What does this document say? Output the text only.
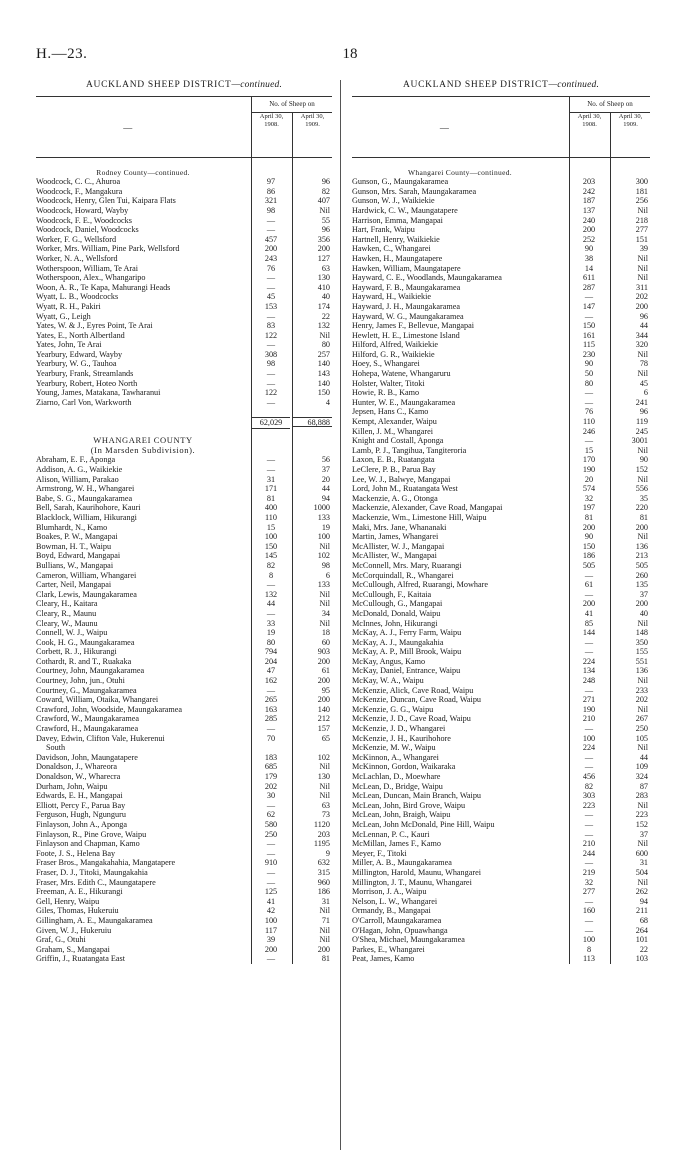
H.—23.	18
AUCKLAND SHEEP DISTRICT—continued.
—
No. of Sheep on
April 30, 1908.
April 30, 1909.
Rodney County—continued.
Woodcock, C. C., Ahuroa	97	96
Woodcock, F., Mangakura	86	82
Woodcock, Henry, Glen Tui, Kaipara Flats	321	407
Woodcock, Howard, Wayby	98	Nil
Woodcock, F. E., Woodcocks	—	55
Woodcock, Daniel, Woodcocks	—	96
Worker, F. G., Wellsford	457	356
Worker, Mrs. William, Pine Park, Wellsford	200	200
Worker, N. A., Wellsford	243	127
Wotherspoon, William, Te Arai	76	63
Wotherspoon, Alex., Whangaripo	—	130
Woon, A. R., Te Kapa, Mahurangi Heads	—	410
Wyatt, L. B., Woodcocks	45	40
Wyatt, R. H., Pakiri	153	174
Wyatt, G., Leigh	—	22
Yates, W. & J., Eyres Point, Te Arai	83	132
Yates, E., North Albertland	122	Nil
Yates, John, Te Arai	—	80
Yearbury, Edward, Wayby	308	257
Yearbury, W. G., Tauhoa	98	140
Yearbury, Frank, Streamlands	—	143
Yearbury, Robert, Hoteo North	—	140
Young, James, Matakana, Tawharanui	122	150
Ziarno, Carl Von, Warkworth	—	4
62,029	68,888
WHANGAREI COUNTY
(In Marsden Subdivision).
Abraham, E. F., Aponga	—	56
Addison, A. G., Waikiekie	—	37
Alison, William, Parakao	31	20
Armstrong, W. H., Whangarei	171	44
Babe, S. G., Maungakaramea	81	94
Bell, Sarah, Kaurihohore, Kauri	400	1000
Blacklock, William, Hikurangi	110	133
Blumhardt, N., Kamo	15	19
Boakes, P. W., Mangapai	100	100
Bowman, H. T., Waipu	150	Nil
Boyd, Edward, Mangapai	145	102
Bullians, W., Mangapai	82	98
Cameron, William, Whangarei	8	6
Carter, Neil, Mangapai	—	133
Clark, Lewis, Maungakaramea	132	Nil
Cleary, H., Kaitara	44	Nil
Cleary, R., Maunu	—	34
Cleary, W., Maunu	33	Nil
Connell, W. J., Waipu	19	18
Cook, H. G., Maungakaramea	80	60
Corbett, R. J., Hikurangi	794	903
Cothardt, R. and T., Ruakaka	204	200
Courtney, John, Maungakaramea	47	61
Courtney, John, jun., Otuhi	162	200
Courtney, G., Maungakaramea	—	95
Coward, William, Otaika, Whangarei	265	200
Crawford, John, Woodside, Maungakaramea	163	140
Crawford, W., Maungakaramea	285	212
Crawford, H., Maungakaramea	—	157
Davey, Edwin, Clifton Vale, Hukerenui	70	65
South
Davidson, John, Maungatapere	183	102
Donaldson, J., Whareora	685	Nil
Donaldson, W., Wharecra	179	130
Durham, John, Waipu	202	Nil
Edwards, E. H., Mangapai	30	Nil
Elliott, Percy F., Parua Bay	—	63
Ferguson, Hugh, Ngunguru	62	73
Finlayson, John A., Aponga	580	1120
Finlayson, R., Pine Grove, Waipu	250	203
Finlayson and Chapman, Kamo	—	1195
Foote, J. S., Helena Bay	—	9
Fraser Bros., Mangakahahia, Mangatapere	910	632
Fraser, D. J., Titoki, Maungakahia	—	315
Fraser, Mrs. Edith C., Maungatapere	—	960
Freeman, A. E., Hikurangi	125	186
Gell, Henry, Waipu	41	31
Giles, Thomas, Hukeruiu	42	Nil
Gillingham, A. E., Maungakaramea	100	71
Given, W. J., Hukeruiu	117	Nil
Graf, G., Otuhi	39	Nil
Graham, S., Mangapai	200	200
Griffin, J., Ruatangata East	—	81
AUCKLAND SHEEP DISTRICT—continued.
—
No. of Sheep on
April 30, 1908.
April 30, 1909.
Whangarei County—continued.
Gunson, G., Maungakaramea	203	300
Gunson, Mrs. Sarah, Maungakaramea	242	181
Gunson, W. J., Waikiekie	187	256
Hardwick, C. W., Maungatapere	137	Nil
Harrison, Emma, Mangapai	240	218
Hart, Frank, Waipu	200	277
Hartnell, Henry, Waikiekie	252	151
Hawken, C., Whangarei	90	39
Hawken, H., Maungatapere	38	Nil
Hawken, William, Maungatapere	14	Nil
Hayward, C. E., Woodlands, Maungakaramea	611	Nil
Hayward, F. B., Maungakaramea	287	311
Hayward, H., Waikiekie	—	202
Hayward, J. H., Maungakaramea	147	200
Hayward, W. G., Maungakaramea	—	96
Henry, James F., Bellevue, Mangapai	150	44
Hewlett, H. E., Limestone Island	161	344
Hilford, Alfred, Waikiekie	115	320
Hilford, G. R., Waikiekie	230	Nil
Hoey, S., Whangarei	90	78
Hohepa, Watene, Whangaruru	50	Nil
Holster, Walter, Titoki	80	45
Howie, R. B., Kamo	—	6
Hunter, W. E., Maungakaramea	—	241
Jepsen, Hans C., Kamo	76	96
Kempt, Alexander, Waipu	110	119
Killen, J. M., Whangarei	246	245
Knight and Costall, Aponga	—	3001
Lamb, P. J., Tangihua, Tangiteroria	15	Nil
Laxon, E. B., Ruatangata	170	90
LeClere, P. B., Parua Bay	190	152
Lee, W. J., Balwye, Mangapai	20	Nil
Lord, John M., Ruatangata West	574	556
Mackenzie, A. G., Otonga	32	35
Mackenzie, Alexander, Cave Road, Mangapai	197	220
Mackenzie, Wm., Limestone Hill, Waipu	81	81
Maki, Mrs. Jane, Whananaki	200	200
Martin, James, Whangarei	90	Nil
McAllister, W. J., Mangapai	150	136
McAllister, W., Mangapai	186	213
McConnell, Mrs. Mary, Ruarangi	505	505
McCorquindall, R., Whangarei	—	260
McCullough, Alfred, Ruarangi, Mowhare	61	135
McCullough, F., Kaitaia	—	37
McCullough, G., Mangapai	200	200
McDonald, Donald, Waipu	41	40
McInnes, John, Hikurangi	85	Nil
McKay, A. J., Ferry Farm, Waipu	144	148
McKay, A. J., Maungakahia	—	350
McKay, A. P., Mill Brook, Waipu	—	155
McKay, Angus, Kamo	224	551
McKay, Daniel, Entrance, Waipu	134	136
McKay, W. A., Waipu	248	Nil
McKenzie, Alick, Cave Road, Waipu	—	233
McKenzie, Duncan, Cave Road, Waipu	271	202
McKenzie, G. G., Waipu	190	Nil
McKenzie, J. D., Cave Road, Waipu	210	267
McKenzie, J. D., Whangarei	—	250
McKenzie, J. H., Kaurihohore	100	105
McKenzie, M. W., Waipu	224	Nil
McKinnon, A., Whangarei	—	44
McKinnon, Gordon, Waikaraka	—	109
McLachlan, D., Moewhare	456	324
McLean, D., Bridge, Waipu	82	87
McLean, Duncan, Main Branch, Waipu	303	283
McLean, John, Bird Grove, Waipu	223	Nil
McLean, John, Braigh, Waipu	—	223
McLean, John McDonald, Pine Hill, Waipu	—	152
McLennan, P. C., Kauri	—	37
McMillan, James F., Kamo	210	Nil
Meyer, F., Titoki	244	600
Miller, A. B., Maungakaramea	—	31
Millington, Harold, Maunu, Whangarei	219	504
Millington, J. T., Maunu, Whangarei	32	Nil
Morrison, J. A., Waipu	277	262
Nelson, L. W., Whangarei	—	94
Ormandy, B., Mangapai	160	211
O'Carroll, Maungakaramea	—	68
O'Hagan, John, Opuawhanga	—	264
O'Shea, Michael, Maungakaramea	100	101
Parkes, E., Whangarei	8	22
Peat, James, Kamo	113	103
